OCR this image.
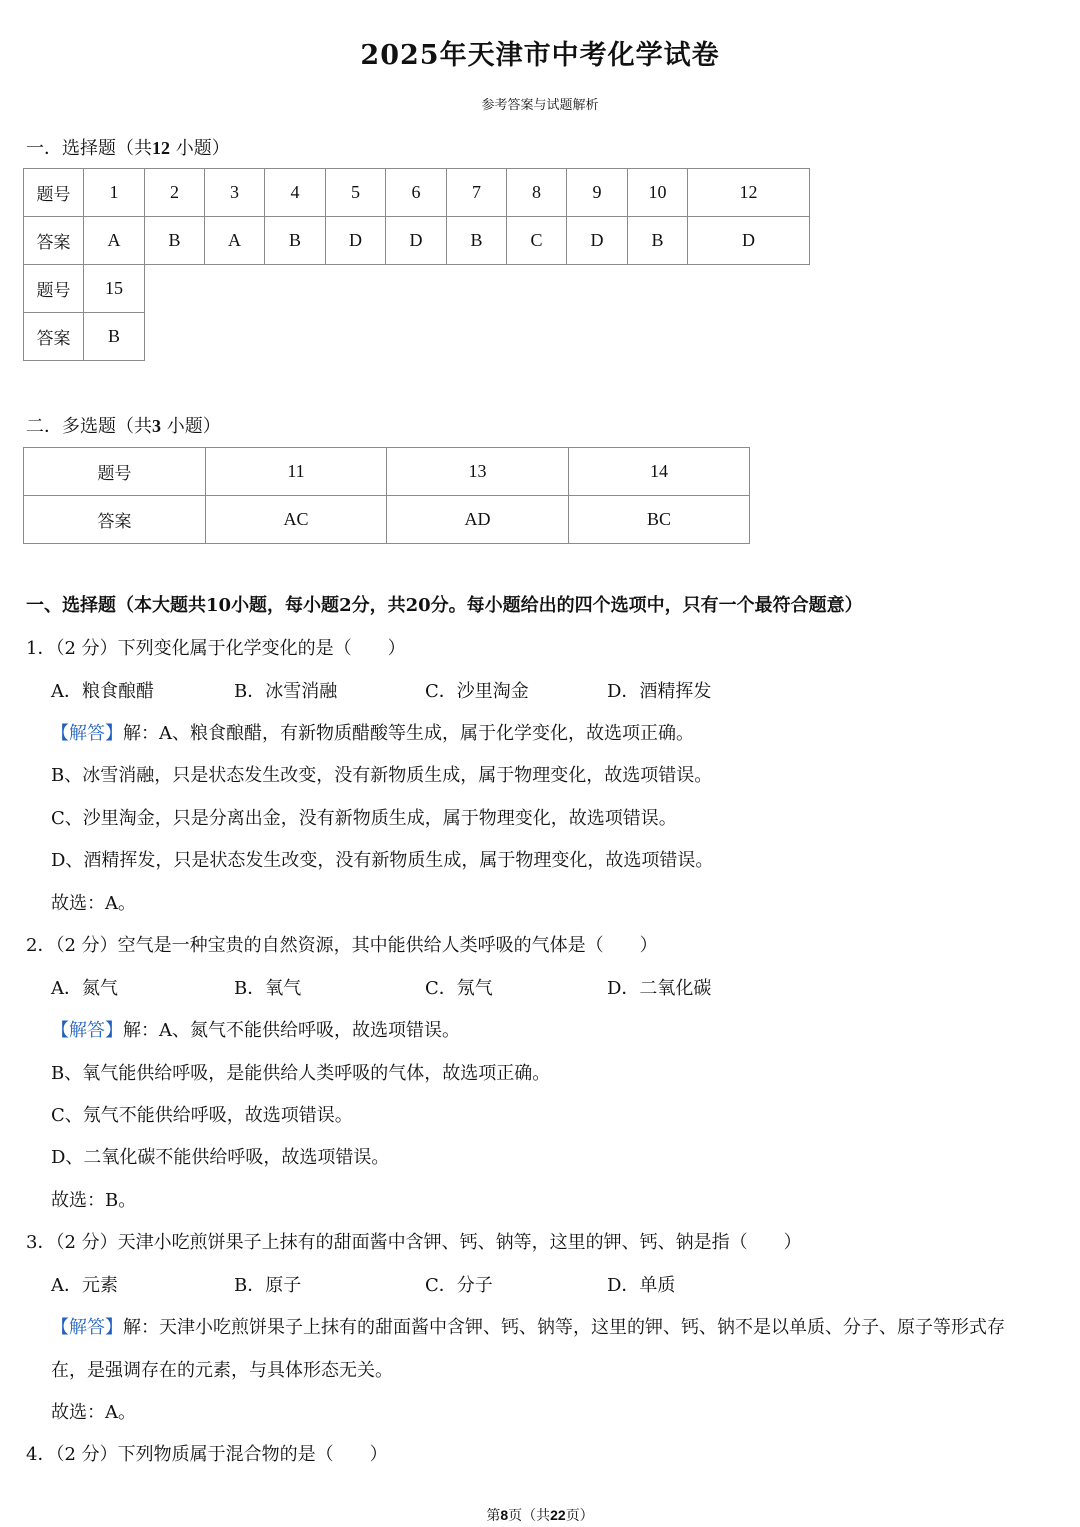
2025年天津市中考化学试卷
参考答案与试题解析
一．选择题（共12 小题）
题号	1	2	3	4	5	6	7	8	9	10	12
答案	A	B	A	B	D	D	B	C	D	B	D
题号	15
答案	B
二．多选题（共3 小题）
题号	11	13	14
答案	AC	AD	BC
一、选择题（本大题共10小题，每小题2分，共20分。每小题给出的四个选项中，只有一个最符合题意）
1．（2 分）下列变化属于化学变化的是（　　）
A．粮食酿醋	B．冰雪消融	C．沙里淘金	D．酒精挥发
【解答】解：A、粮食酿醋，有新物质醋酸等生成，属于化学变化，故选项正确。
B、冰雪消融，只是状态发生改变，没有新物质生成，属于物理变化，故选项错误。
C、沙里淘金，只是分离出金，没有新物质生成，属于物理变化，故选项错误。
D、酒精挥发，只是状态发生改变，没有新物质生成，属于物理变化，故选项错误。
故选：A。
2．（2 分）空气是一种宝贵的自然资源，其中能供给人类呼吸的气体是（　　）
A．氮气	B．氧气	C．氖气	D．二氧化碳
【解答】解：A、氮气不能供给呼吸，故选项错误。
B、氧气能供给呼吸，是能供给人类呼吸的气体，故选项正确。
C、氖气不能供给呼吸，故选项错误。
D、二氧化碳不能供给呼吸，故选项错误。
故选：B。
3．（2 分）天津小吃煎饼果子上抹有的甜面酱中含钾、钙、钠等，这里的钾、钙、钠是指（　　）
A．元素	B．原子	C．分子	D．单质
【解答】解：天津小吃煎饼果子上抹有的甜面酱中含钾、钙、钠等，这里的钾、钙、钠不是以单质、分子、原子等形式存
在，是强调存在的元素，与具体形态无关。
故选：A。
4．（2 分）下列物质属于混合物的是（　　）
第8页（共22页）
